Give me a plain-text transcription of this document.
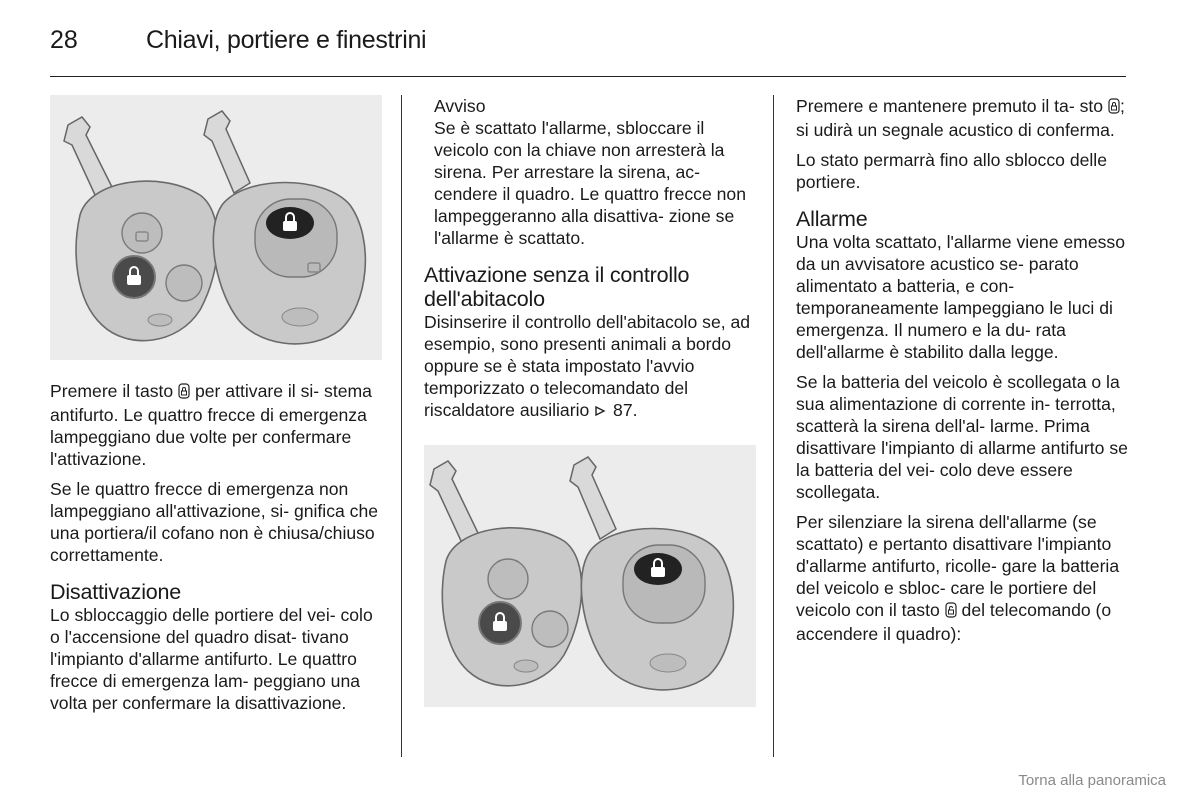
28	Chiavi, portiere e finestrini

Premere il tasto  per attivare il si- stema antifurto. Le quattro frecce di emergenza lampeggiano due volte per confermare l'attivazione.

Se le quattro frecce di emergenza non lampeggiano all'attivazione, si- gnifica che una portiera/il cofano non è chiusa/chiuso correttamente.

Disattivazione

Lo sbloccaggio delle portiere del vei- colo o l'accensione del quadro disat- tivano l'impianto d'allarme antifurto. Le quattro frecce di emergenza lam- peggiano una volta per confermare la disattivazione.

Avviso

Se è scattato l'allarme, sbloccare il veicolo con la chiave non arresterà la sirena. Per arrestare la sirena, ac- cendere il quadro. Le quattro frecce non lampeggeranno alla disattiva- zione se l'allarme è scattato.

Attivazione senza il controllo dell'abitacolo

Disinserire il controllo dell'abitacolo se, ad esempio, sono presenti animali a bordo oppure se è stata impostato l'avvio temporizzato o telecomandato del riscaldatore ausiliario  87.

Premere e mantenere premuto il ta- sto ; si udirà un segnale acustico di conferma.

Lo stato permarrà fino allo sblocco delle portiere.

Allarme

Una volta scattato, l'allarme viene emesso da un avvisatore acustico se- parato alimentato a batteria, e con- temporaneamente lampeggiano le luci di emergenza. Il numero e la du- rata dell'allarme è stabilito dalla legge.

Se la batteria del veicolo è scollegata o la sua alimentazione di corrente in- terrotta, scatterà la sirena dell'al- larme. Prima disattivare l'impianto di allarme antifurto se la batteria del vei- colo deve essere scollegata.

Per silenziare la sirena dell'allarme (se scattato) e pertanto disattivare l'impianto d'allarme antifurto, ricolle- gare la batteria del veicolo e sbloc- care le portiere del veicolo con il tasto  del telecomando (o accendere il quadro):

Torna alla panoramica
